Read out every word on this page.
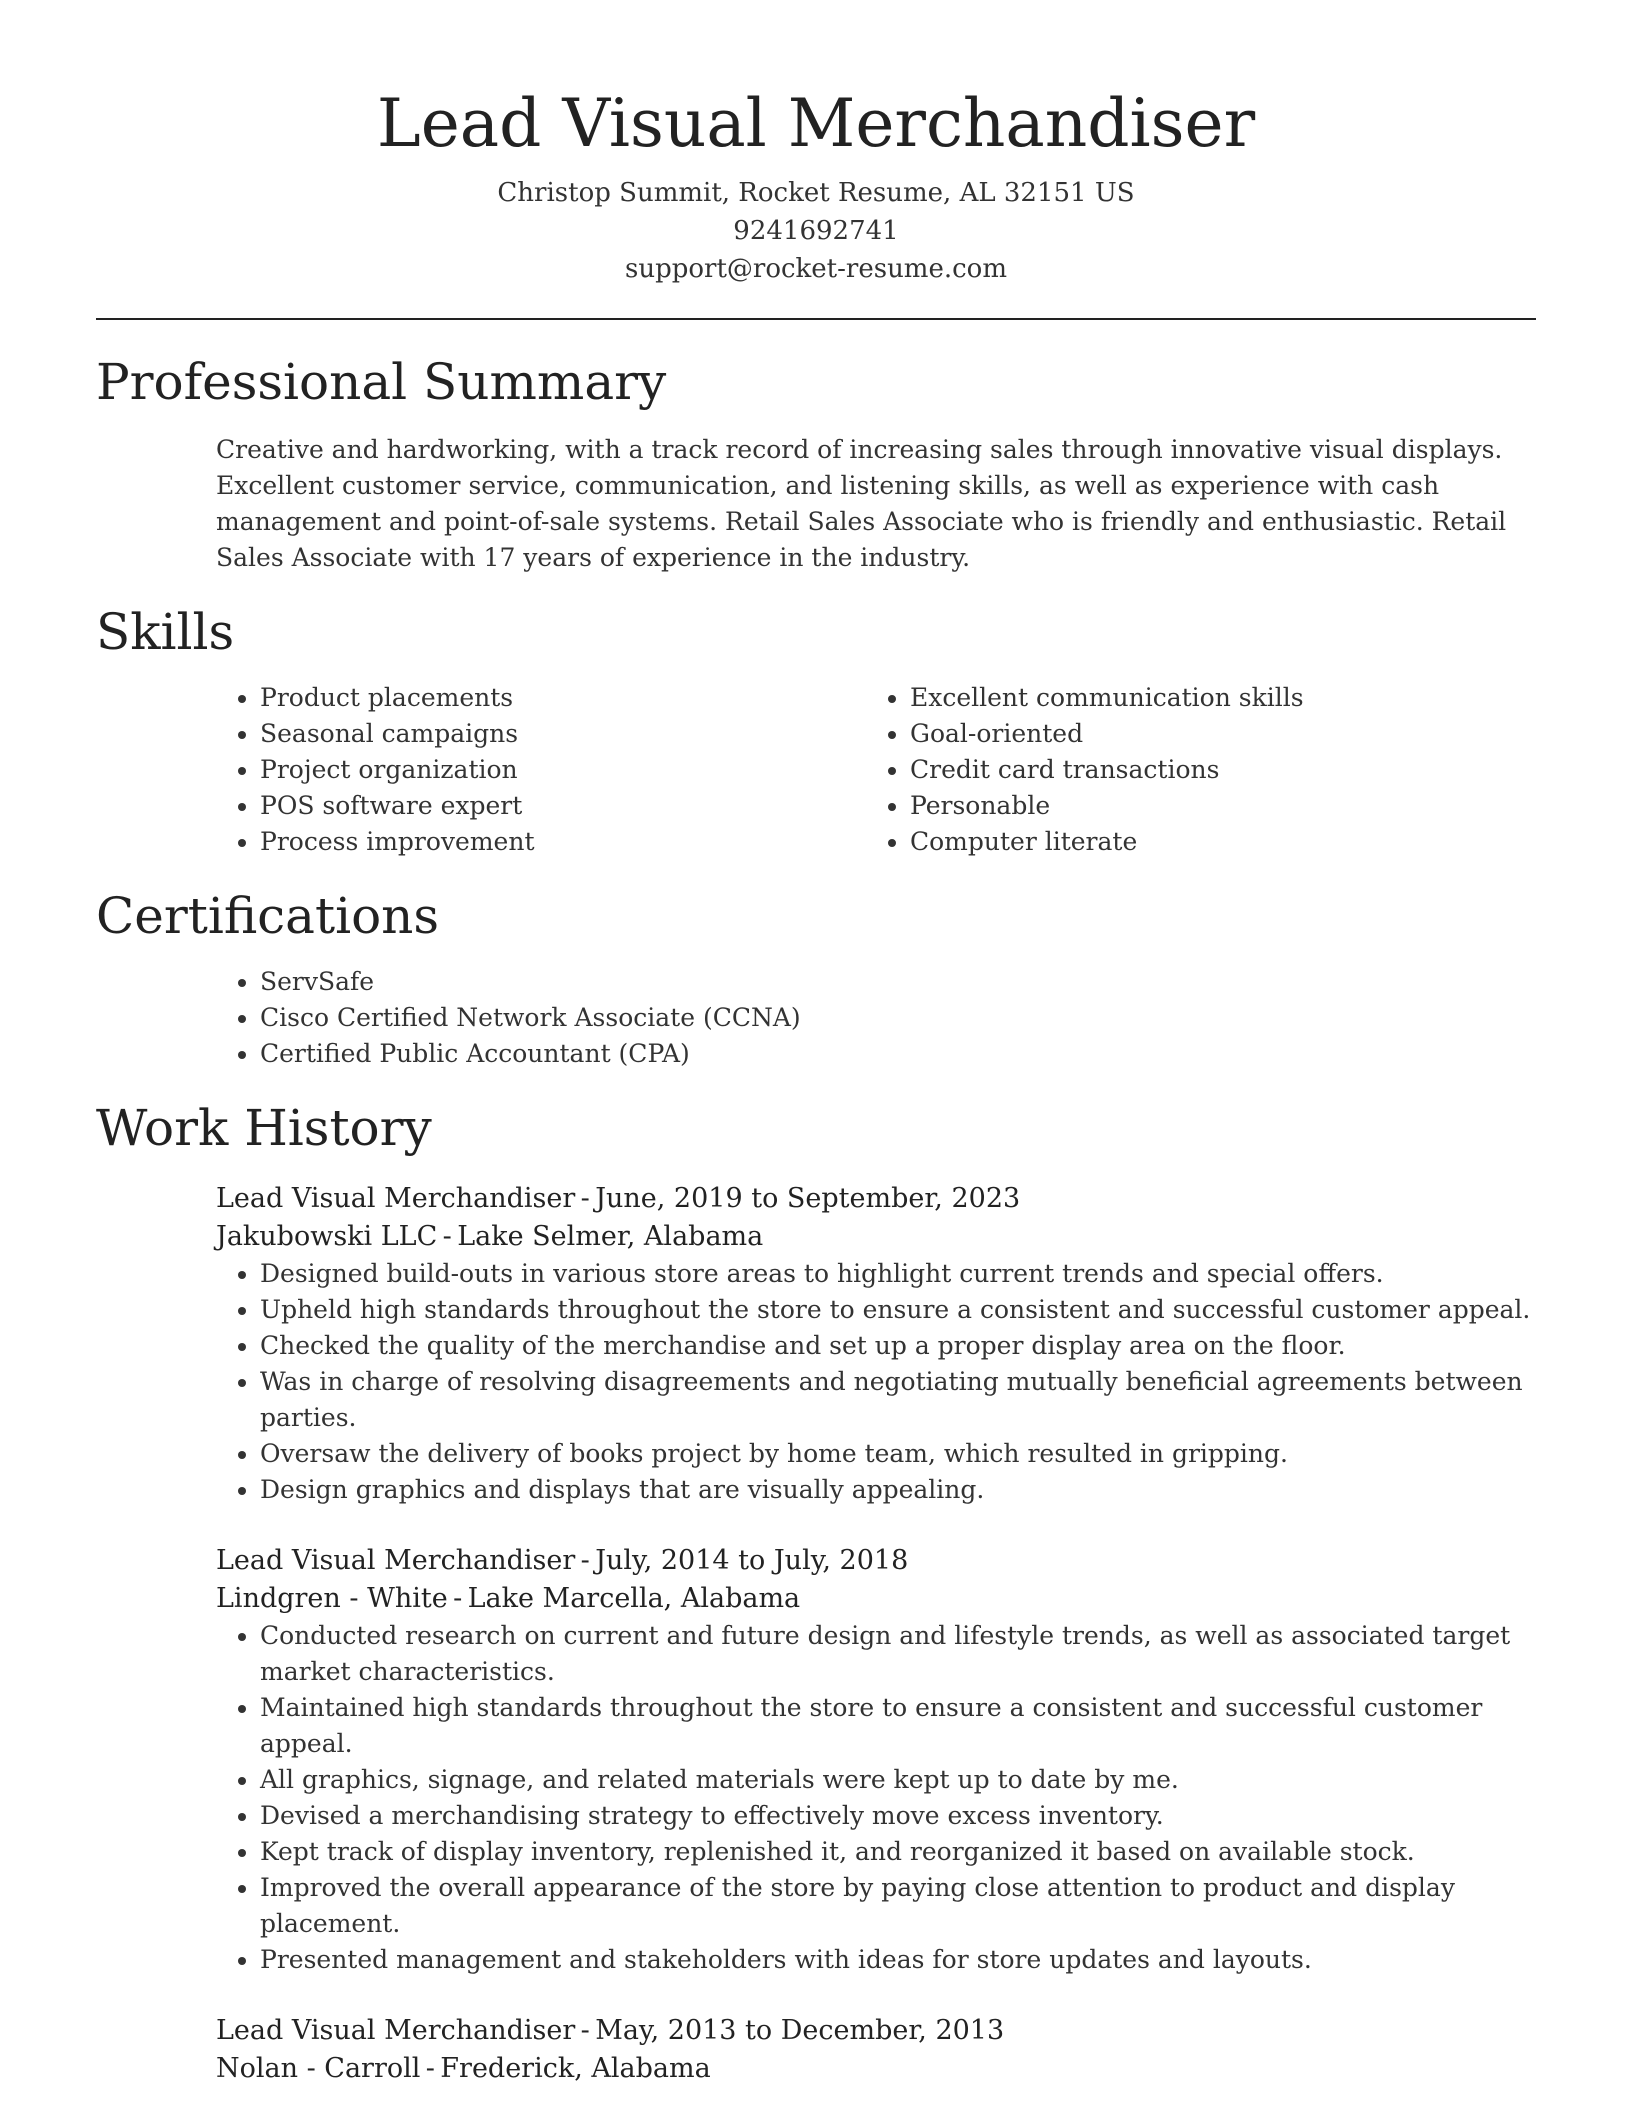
Lead Visual Merchandiser
Christop Summit, Rocket Resume, AL 32151 US
9241692741
support@rocket-resume.com
Professional Summary

Creative and hardworking, with a track record of increasing sales through innovative visual displays. Excellent customer service, communication, and listening skills, as well as experience with cash management and point-of-sale systems. Retail Sales Associate who is friendly and enthusiastic. Retail Sales Associate with 17 years of experience in the industry.

Skills
• Product placements
• Seasonal campaigns
• Project organization
• POS software expert
• Process improvement
• Excellent communication skills
• Goal-oriented
• Credit card transactions
• Personable
• Computer literate
Certifications
• ServSafe
• Cisco Certified Network Associate (CCNA)
• Certified Public Accountant (CPA)
Work History
Lead Visual Merchandiser - June, 2019 to September, 2023
Jakubowski LLC - Lake Selmer, Alabama
• Designed build-outs in various store areas to highlight current trends and special offers.
• Upheld high standards throughout the store to ensure a consistent and successful customer appeal.
• Checked the quality of the merchandise and set up a proper display area on the floor.
• Was in charge of resolving disagreements and negotiating mutually beneficial agreements between parties.
• Oversaw the delivery of books project by home team, which resulted in gripping.
• Design graphics and displays that are visually appealing.
Lead Visual Merchandiser - July, 2014 to July, 2018
Lindgren - White - Lake Marcella, Alabama
• Conducted research on current and future design and lifestyle trends, as well as associated target market characteristics.
• Maintained high standards throughout the store to ensure a consistent and successful customer appeal.
• All graphics, signage, and related materials were kept up to date by me.
• Devised a merchandising strategy to effectively move excess inventory.
• Kept track of display inventory, replenished it, and reorganized it based on available stock.
• Improved the overall appearance of the store by paying close attention to product and display placement.
• Presented management and stakeholders with ideas for store updates and layouts.
Lead Visual Merchandiser - May, 2013 to December, 2013
Nolan - Carroll - Frederick, Alabama
